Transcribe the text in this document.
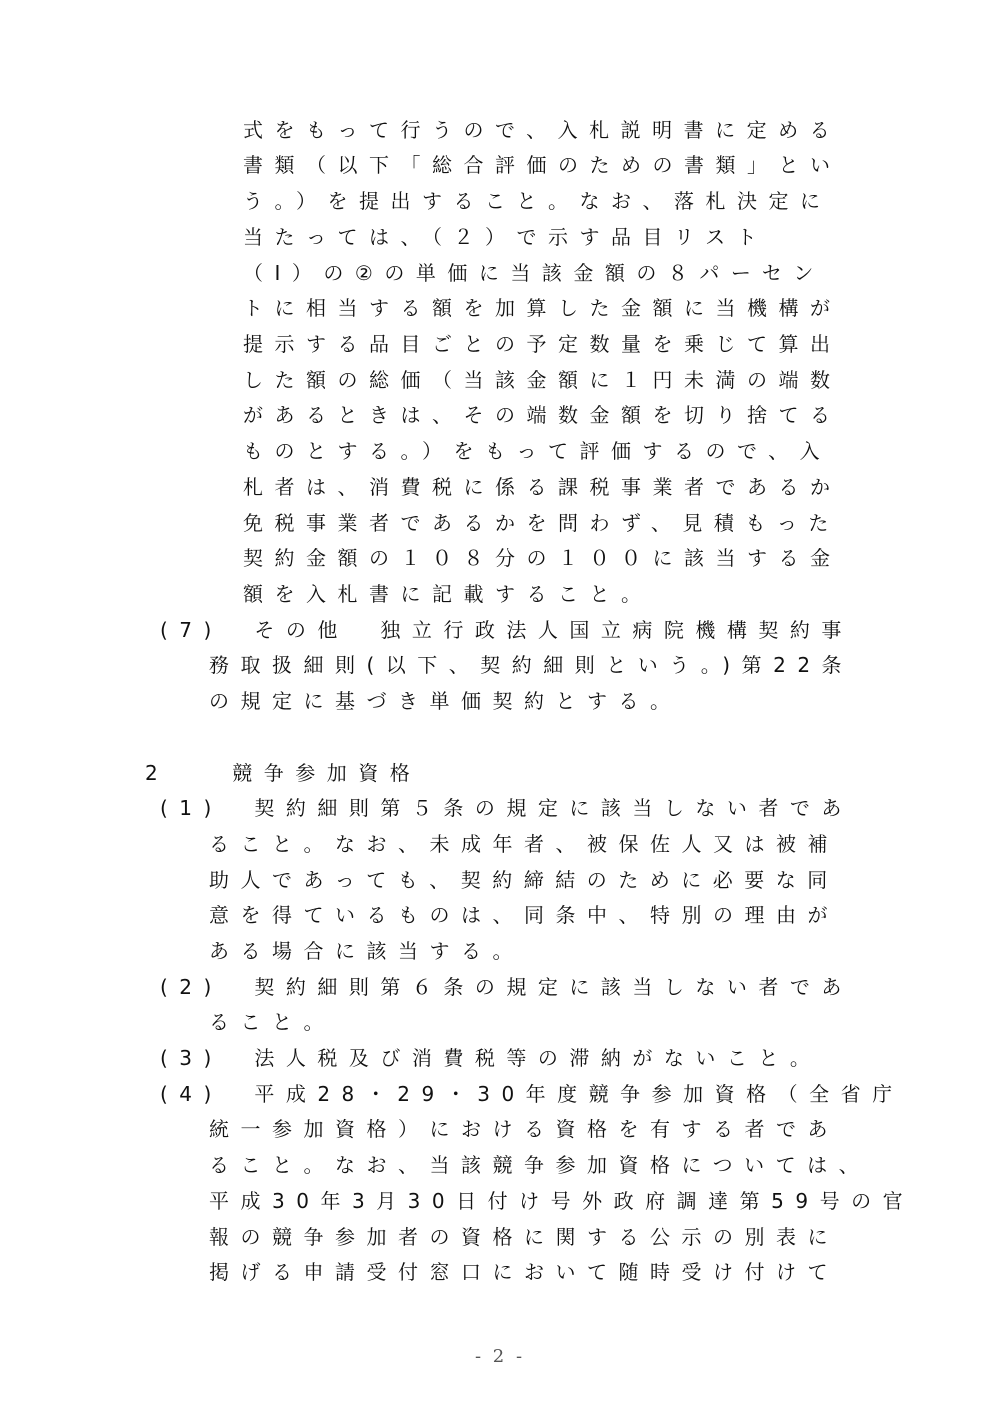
式をもって行うので、入札説明書に定める
書類（以下「総合評価のための書類」とい
う。）を提出すること。なお、落札決定に
当たっては、（２）で示す品目リスト
（Ⅰ）の②の単価に当該金額の８パーセン
トに相当する額を加算した金額に当機構が
提示する品目ごとの予定数量を乗じて算出
した額の総価（当該金額に１円未満の端数
があるときは、その端数金額を切り捨てる
ものとする。）をもって評価するので、入
札者は、消費税に係る課税事業者であるか
免税事業者であるかを問わず、見積もった
契約金額の１０８分の１００に該当する金
額を入札書に記載すること。
(7)　その他　独立行政法人国立病院機構契約事
務取扱細則(以下、契約細則という。)第22条
の規定に基づき単価契約とする。
2　　競争参加資格
(1)　契約細則第５条の規定に該当しない者であ
ること。なお、未成年者、被保佐人又は被補
助人であっても、契約締結のために必要な同
意を得ているものは、同条中、特別の理由が
ある場合に該当する。
(2)　契約細則第６条の規定に該当しない者であ
ること。
(3)　法人税及び消費税等の滞納がないこと。
(4)　平成28・29・30年度競争参加資格（全省庁
統一参加資格）における資格を有する者であ
ること。なお、当該競争参加資格については、
平成30年3月30日付け号外政府調達第59号の官
報の競争参加者の資格に関する公示の別表に
掲げる申請受付窓口において随時受け付けて
- 2 -
